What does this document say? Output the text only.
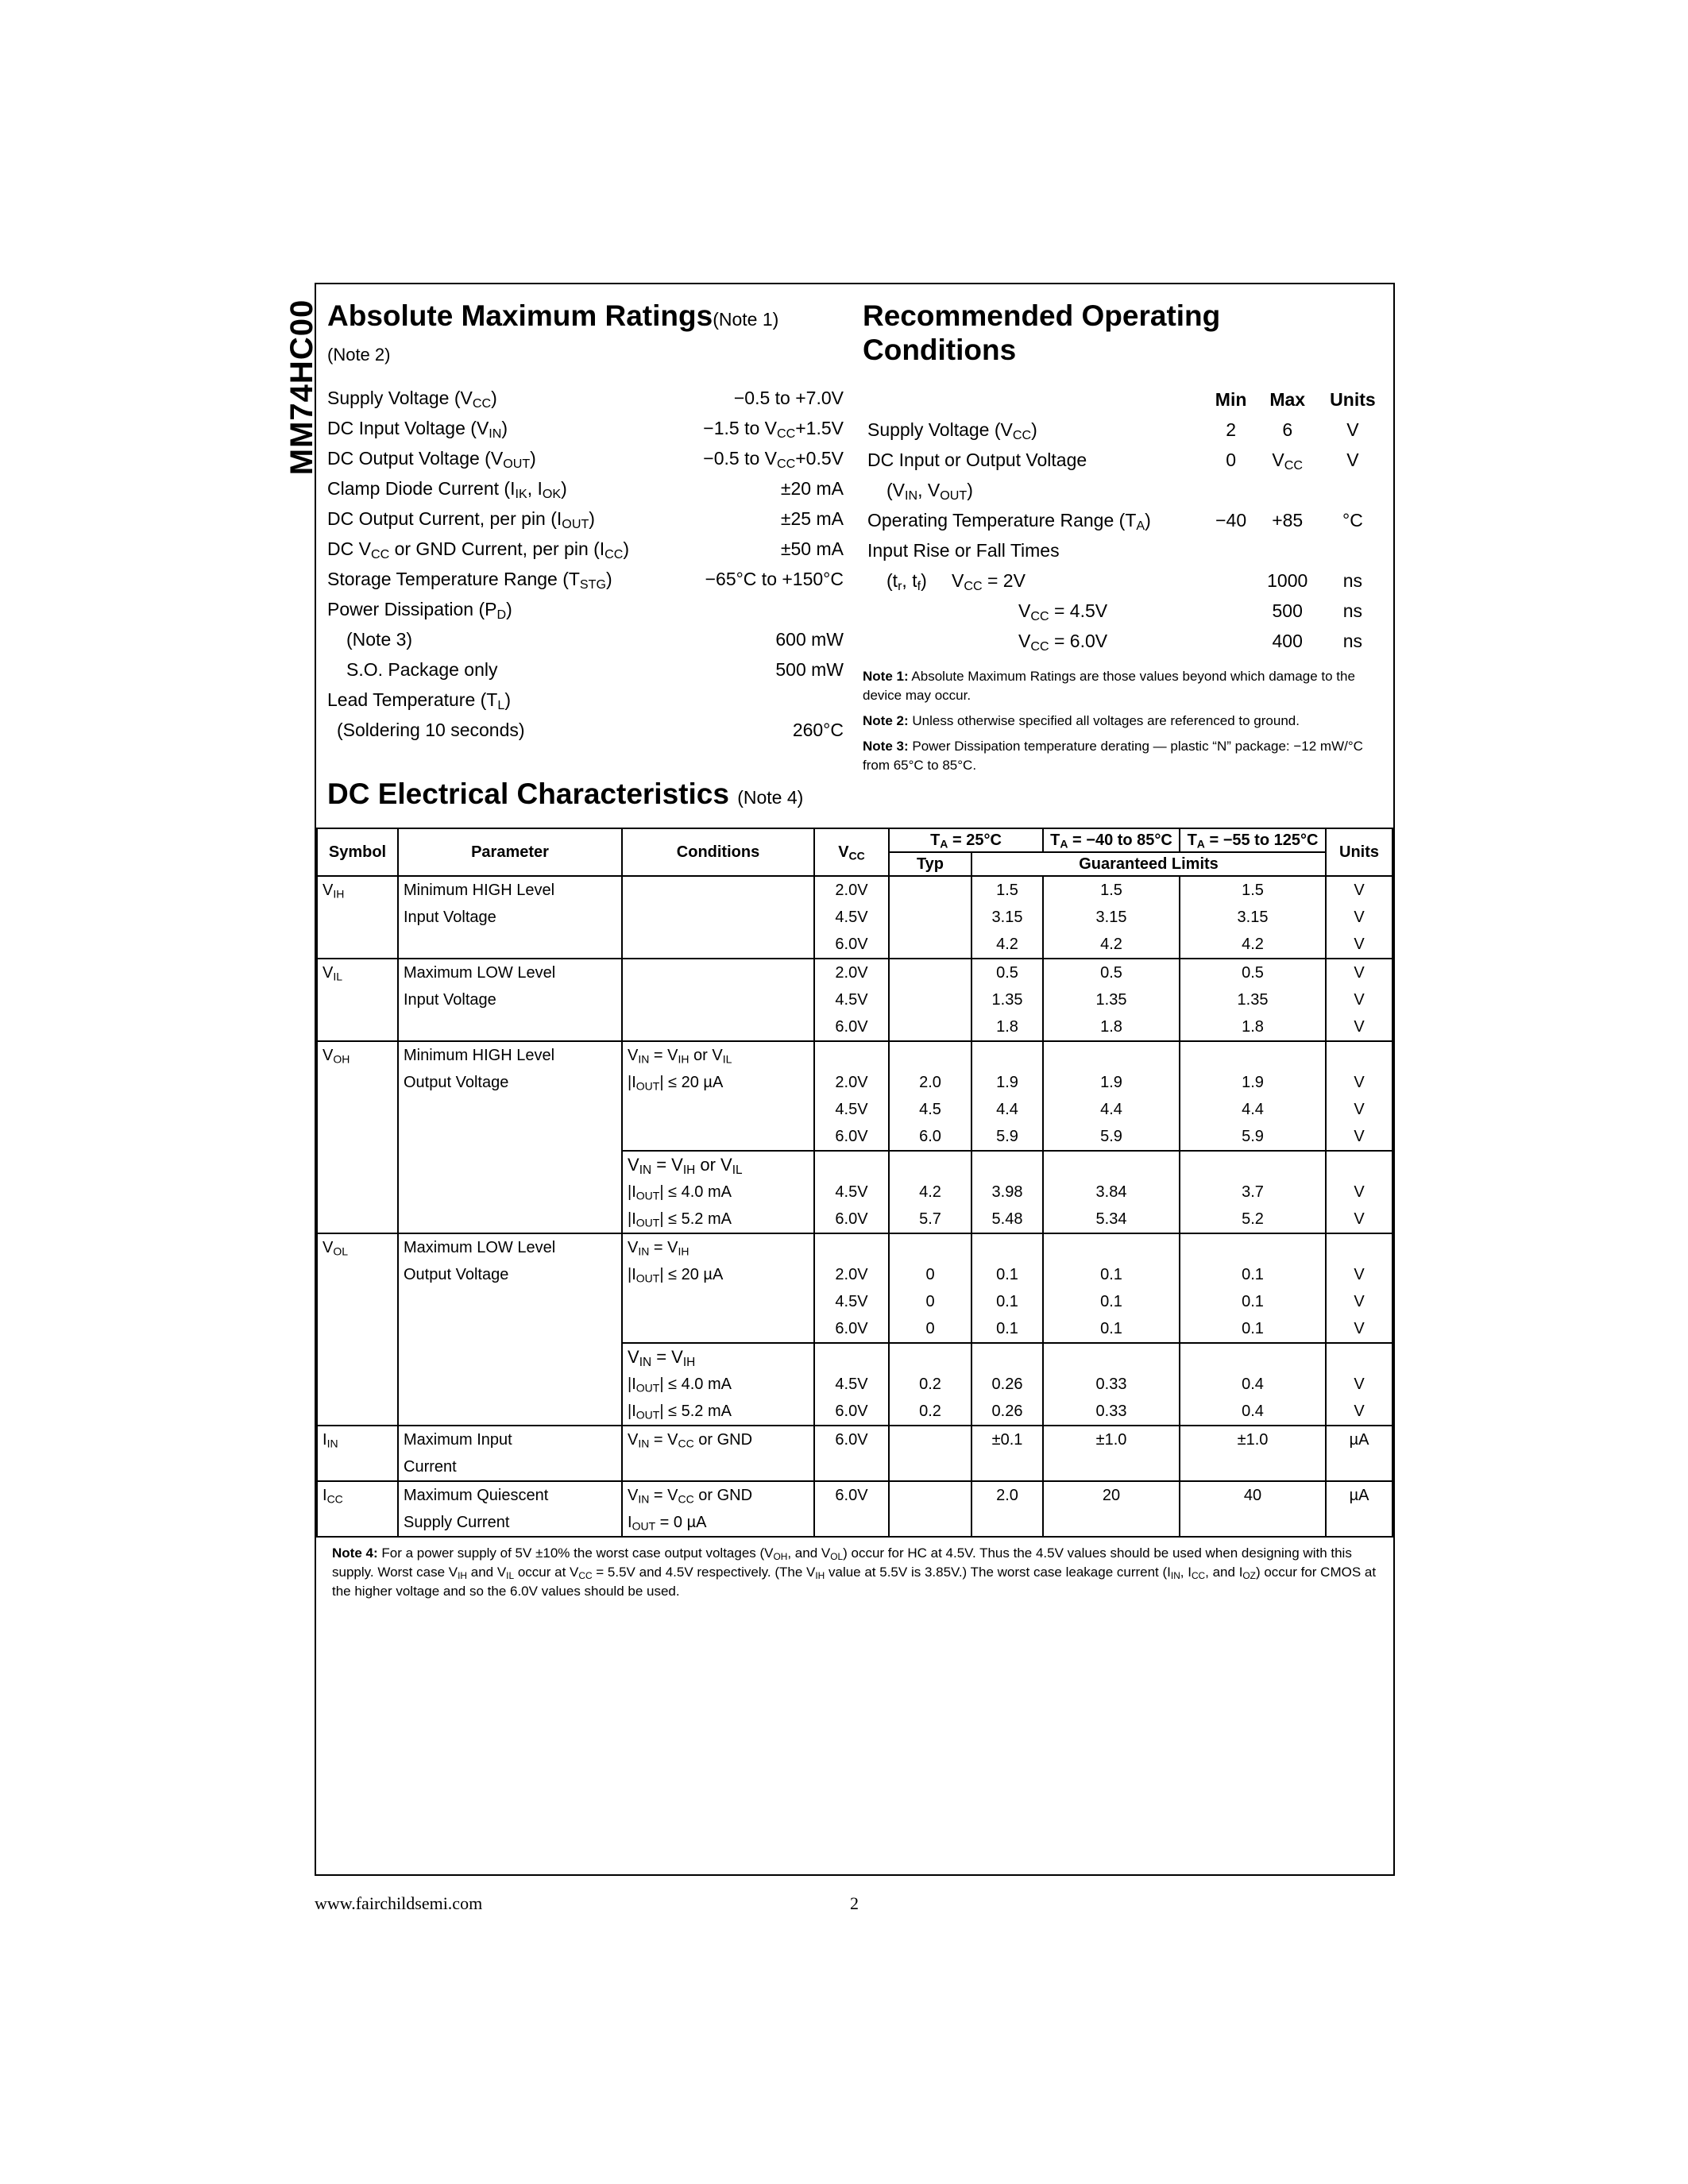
MM74HC00 Absolute Maximum Ratings(Note 1)
(Note 2)
Supply Voltage $(V_{CC})$	−0.5 to +7.0V
DC Input Voltage $(V_{IN})$	−1.5 to $V_{CC}+1.5V$
DC Output Voltage $(V_{OUT})$	−0.5 to $V_{CC}+0.5V$
Clamp Diode Current ($I_{IK}$, $I_{OK}$)	±20 mA
DC Output Current, per pin $(I_{OUT})$	±25 mA
DC $V_{CC}$ or GND Current, per pin $(I_{CC})$	±50 mA
Storage Temperature Range $(T_{STG})$	−65°C to +150°C
Power Dissipation $(P_D)$	
(Note 3)	600 mW
S.O. Package only	500 mW
Lead Temperature $(T_L)$	
(Soldering 10 seconds)	260°C
Recommended Operating
Conditions
		Min	Max	Units
Supply Voltage $(V_{CC})$		2	6	V
DC Input or Output Voltage		0	$V_{CC}$	V
($V_{IN}$, $V_{OUT}$)				
Operating Temperature Range $(T_A)$		−40	+85	°C
Input Rise or Fall Times				
($t_r$, $t_f$)	$V_{CC} = 2V$		1000	ns
	$V_{CC} = 4.5V$		500	ns
	$V_{CC} = 6.0V$		400	ns

Note 1: Absolute Maximum Ratings are those values beyond which damage to the device may occur.

Note 2: Unless otherwise specified all voltages are referenced to ground.

Note 3: Power Dissipation temperature derating — plastic “N” package: −12 mW/°C from 65°C to 85°C.

DC Electrical Characteristics (Note 4)
Symbol	Parameter	Conditions	$V_{CC}$	$T_A = 25^\circ C$		$T_A = -40$ to 85°C	$T_A = -55$ to 125°C	Units
				Typ	Guaranteed Limits			
$V_{IH}$	Minimum HIGH Level		2.0V		1.5	1.5	1.5	V
	Input Voltage		4.5V		3.15	3.15	3.15	V
			6.0V		4.2	4.2	4.2	V
$V_{IL}$	Maximum LOW Level		2.0V		0.5	0.5	0.5	V
	Input Voltage		4.5V		1.35	1.35	1.35	V
			6.0V		1.8	1.8	1.8	V
$V_{OH}$	Minimum HIGH Level	$V_{IN} = V_{IH}$ or $V_{IL}$						
	Output Voltage	$|I_{OUT}| \le 20$ µA	2.0V	2.0	1.9	1.9	1.9	V
			4.5V	4.5	4.4	4.4	4.4	V
			6.0V	6.0	5.9	5.9	5.9	V
		$V_{IN} = V_{IH}$ or $V_{IL}$						
		$|I_{OUT}| \le 4.0$ mA	4.5V	4.2	3.98	3.84	3.7	V
		$|I_{OUT}| \le 5.2$ mA	6.0V	5.7	5.48	5.34	5.2	V
$V_{OL}$	Maximum LOW Level	$V_{IN} = V_{IH}$						
	Output Voltage	$|I_{OUT}| \le 20$ µA	2.0V	0	0.1	0.1	0.1	V
			4.5V	0	0.1	0.1	0.1	V
			6.0V	0	0.1	0.1	0.1	V
		$V_{IN} = V_{IH}$						
		$|I_{OUT}| \le 4.0$ mA	4.5V	0.2	0.26	0.33	0.4	V
		$|I_{OUT}| \le 5.2$ mA	6.0V	0.2	0.26	0.33	0.4	V
$I_{IN}$	Maximum Input	$V_{IN} = V_{CC}$ or GND	6.0V		±0.1	±1.0	±1.0	µA
	Current							
$I_{CC}$	Maximum Quiescent	$V_{IN} = V_{CC}$ or GND	6.0V		2.0	20	40	µA
	Supply Current	$I_{OUT} = 0$ µA						
Note 4: For a power supply of 5V ±10% the worst case output voltages ($V_{OH}$, and $V_{OL}$) occur for HC at 4.5V. Thus the 4.5V values should be used when designing with this supply. Worst case $V_{IH}$ and $V_{IL}$ occur at $V_{CC} = 5.5V$ and 4.5V respectively. (The $V_{IH}$ value at 5.5V is 3.85V.) The worst case leakage current ($I_{IN}$, $I_{CC}$, and $I_{OZ}$) occur for CMOS at the higher voltage and so the 6.0V values should be used.
www.fairchildsemi.com	2
